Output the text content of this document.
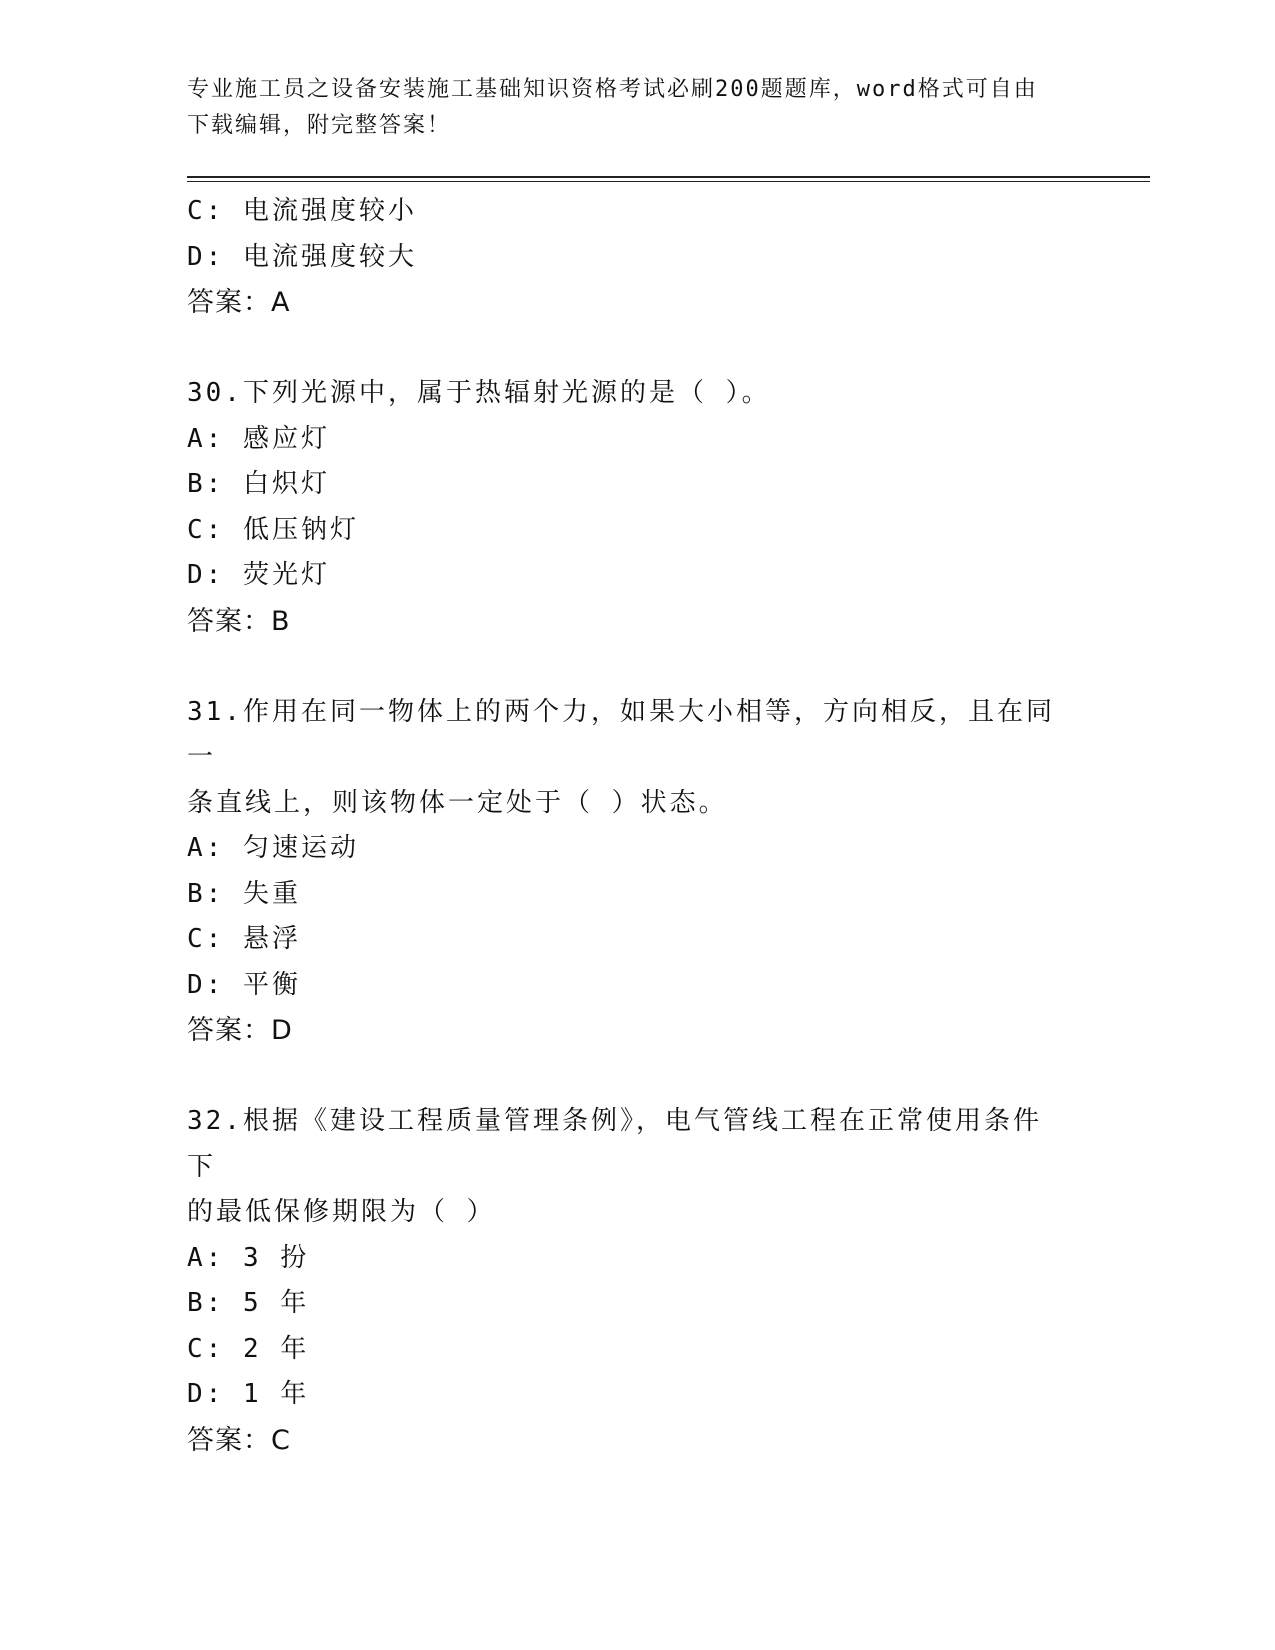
专业施工员之设备安装施工基础知识资格考试必刷200题题库，word格式可自由
下载编辑，附完整答案！
C: 电流强度较小
D: 电流强度较大
答案：A
30.下列光源中，属于热辐射光源的是（ ）。
A: 感应灯
B: 白炽灯
C: 低压钠灯
D: 荧光灯
答案：B
31.作用在同一物体上的两个力，如果大小相等，方向相反，且在同一
条直线上，则该物体一定处于（ ）状态。
A: 匀速运动
B: 失重
C: 悬浮
D: 平衡
答案：D
32.根据《建设工程质量管理条例》，电气管线工程在正常使用条件下
的最低保修期限为（ ）
A: 3 扮
B: 5 年
C: 2 年
D: 1 年
答案：C
